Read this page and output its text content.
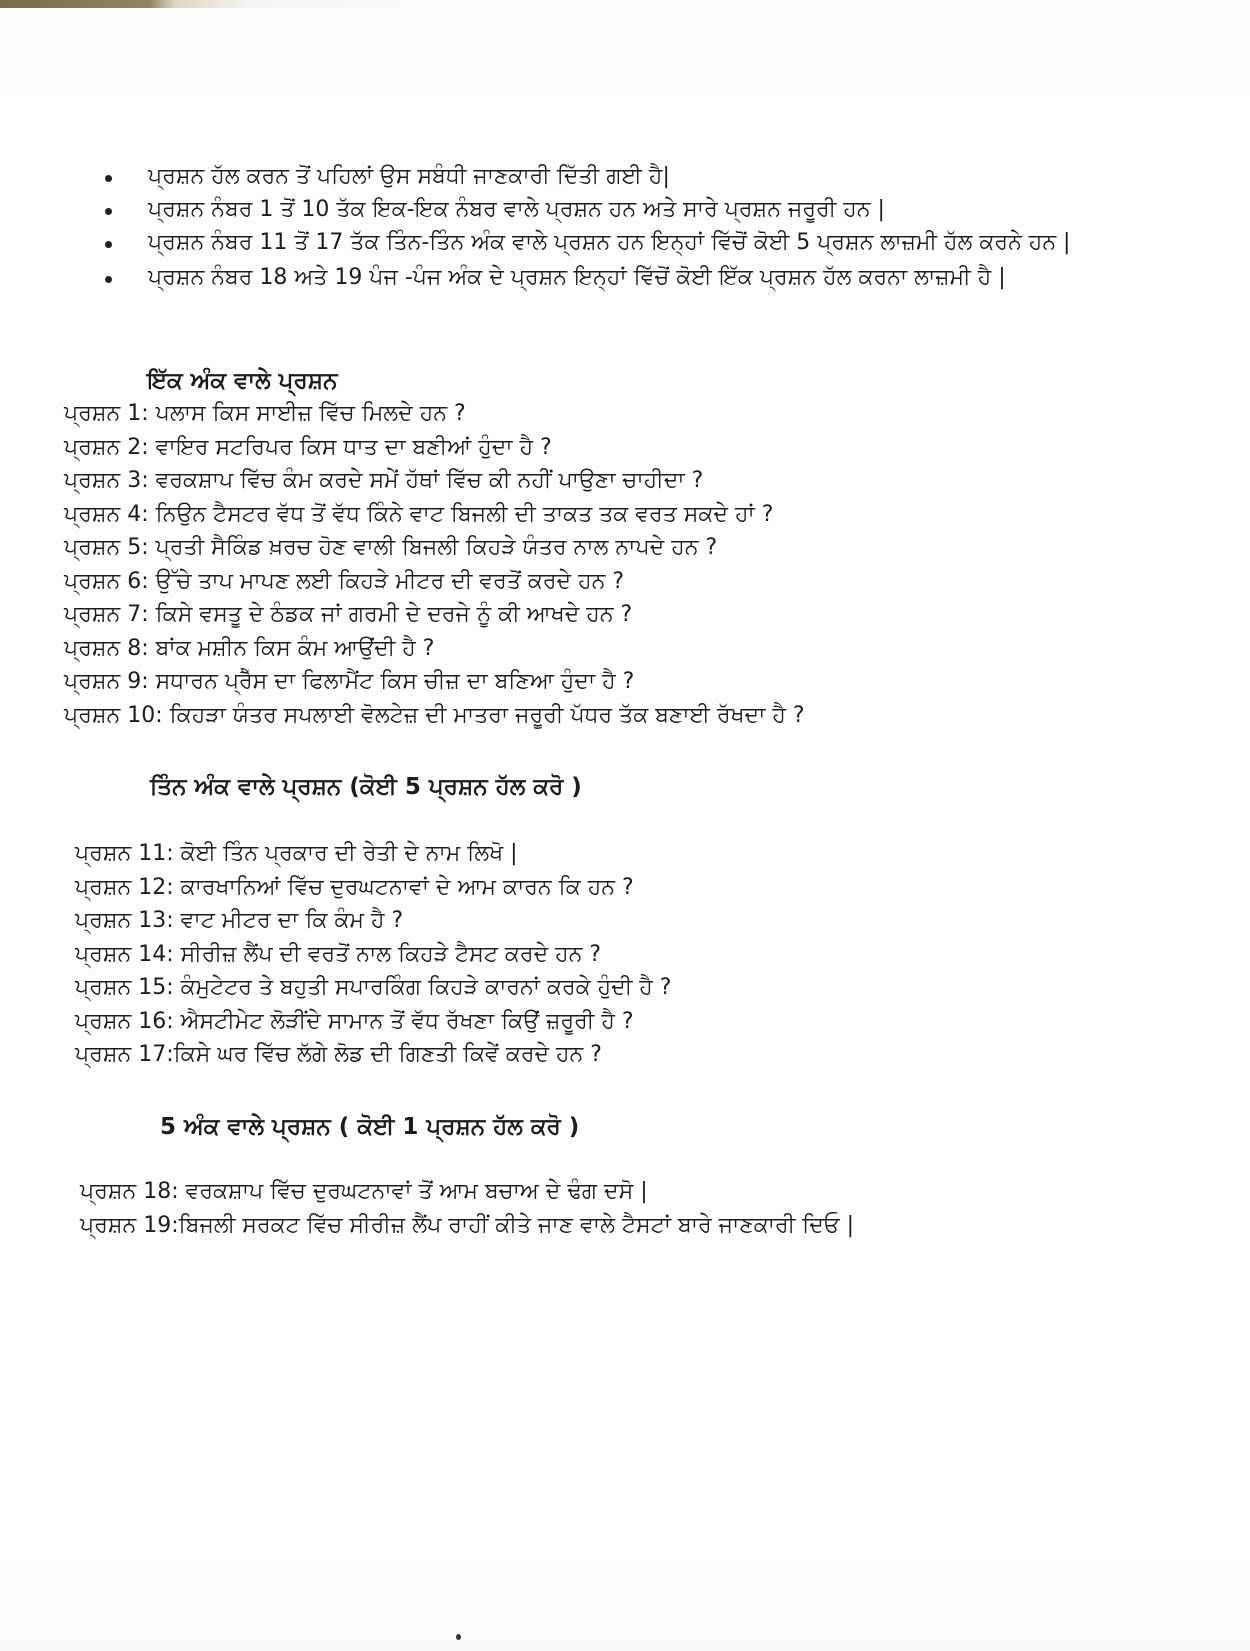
ਪ੍ਰਸ਼ਨ ਹੱਲ ਕਰਨ ਤੋਂ ਪਹਿਲਾਂ ਉਸ ਸਬੰਧੀ ਜਾਣਕਾਰੀ ਦਿੱਤੀ ਗਈ ਹੈ|
ਪ੍ਰਸ਼ਨ ਨੰਬਰ 1 ਤੋਂ 10 ਤੱਕ ਇਕ-ਇਕ ਨੰਬਰ ਵਾਲੇ ਪ੍ਰਸ਼ਨ ਹਨ ਅਤੇ ਸਾਰੇ ਪ੍ਰਸ਼ਨ ਜਰੂਰੀ ਹਨ |
ਪ੍ਰਸ਼ਨ ਨੰਬਰ 11 ਤੋਂ 17 ਤੱਕ ਤਿੰਨ-ਤਿੰਨ ਅੰਕ ਵਾਲੇ ਪ੍ਰਸ਼ਨ ਹਨ ਇਨ੍ਹਾਂ ਵਿੱਚੋਂ ਕੋਈ 5 ਪ੍ਰਸ਼ਨ ਲਾਜ਼ਮੀ ਹੱਲ ਕਰਨੇ ਹਨ |
ਪ੍ਰਸ਼ਨ ਨੰਬਰ 18 ਅਤੇ 19 ਪੰਜ -ਪੰਜ ਅੰਕ ਦੇ ਪ੍ਰਸ਼ਨ ਇਨ੍ਹਾਂ ਵਿੱਚੋਂ ਕੋਈ ਇੱਕ ਪ੍ਰਸ਼ਨ ਹੱਲ ਕਰਨਾ ਲਾਜ਼ਮੀ ਹੈ |
ਇੱਕ ਅੰਕ ਵਾਲੇ ਪ੍ਰਸ਼ਨ
ਪ੍ਰਸ਼ਨ 1: ਪਲਾਸ ਕਿਸ ਸਾਈਜ਼ ਵਿੱਚ ਮਿਲਦੇ ਹਨ ?
ਪ੍ਰਸ਼ਨ 2: ਵਾਇਰ ਸਟਰਿਪਰ ਕਿਸ ਧਾਤ ਦਾ ਬਣੀਆਂ ਹੁੰਦਾ ਹੈ ?
ਪ੍ਰਸ਼ਨ 3: ਵਰਕਸ਼ਾਪ ਵਿੱਚ ਕੰਮ ਕਰਦੇ ਸਮੇਂ ਹੱਥਾਂ ਵਿੱਚ ਕੀ ਨਹੀਂ ਪਾਉਣਾ ਚਾਹੀਦਾ ?
ਪ੍ਰਸ਼ਨ 4: ਨਿਉਨ ਟੈਸਟਰ ਵੱਧ ਤੋਂ ਵੱਧ ਕਿੰਨੇ ਵਾਟ ਬਿਜਲੀ ਦੀ ਤਾਕਤ ਤਕ ਵਰਤ ਸਕਦੇ ਹਾਂ ?
ਪ੍ਰਸ਼ਨ 5: ਪ੍ਰਤੀ ਸੈਕਿੰਡ ਖ਼ਰਚ ਹੋਣ ਵਾਲੀ ਬਿਜਲੀ ਕਿਹੜੇ ਯੰਤਰ ਨਾਲ ਨਾਪਦੇ ਹਨ ?
ਪ੍ਰਸ਼ਨ 6: ਉੱਚੇ ਤਾਪ ਮਾਪਣ ਲਈ ਕਿਹੜੇ ਮੀਟਰ ਦੀ ਵਰਤੋਂ ਕਰਦੇ ਹਨ ?
ਪ੍ਰਸ਼ਨ 7: ਕਿਸੇ ਵਸਤੂ ਦੇ ਠੰਡਕ ਜਾਂ ਗਰਮੀ ਦੇ ਦਰਜੇ ਨੂੰ ਕੀ ਆਖਦੇ ਹਨ ?
ਪ੍ਰਸ਼ਨ 8: ਬਾਂਕ ਮਸ਼ੀਨ ਕਿਸ ਕੰਮ ਆਉਂਦੀ ਹੈ ?
ਪ੍ਰਸ਼ਨ 9: ਸਧਾਰਨ ਪ੍ਰੈੱਸ ਦਾ ਫਿਲਾਮੈਂਟ ਕਿਸ ਚੀਜ਼ ਦਾ ਬਣਿਆ ਹੁੰਦਾ ਹੈ ?
ਪ੍ਰਸ਼ਨ 10: ਕਿਹੜਾ ਯੰਤਰ ਸਪਲਾਈ ਵੋਲਟੇਜ਼ ਦੀ ਮਾਤਰਾ ਜਰੂਰੀ ਪੱਧਰ ਤੱਕ ਬਣਾਈ ਰੱਖਦਾ ਹੈ ?
ਤਿੰਨ ਅੰਕ ਵਾਲੇ ਪ੍ਰਸ਼ਨ (ਕੋਈ 5 ਪ੍ਰਸ਼ਨ ਹੱਲ ਕਰੋ )
ਪ੍ਰਸ਼ਨ 11: ਕੋਈ ਤਿੰਨ ਪ੍ਰਕਾਰ ਦੀ ਰੇਤੀ ਦੇ ਨਾਮ ਲਿਖੋ |
ਪ੍ਰਸ਼ਨ 12: ਕਾਰਖਾਨਿਆਂ ਵਿੱਚ ਦੁਰਘਟਨਾਵਾਂ ਦੇ ਆਮ ਕਾਰਨ ਕਿ ਹਨ ?
ਪ੍ਰਸ਼ਨ 13: ਵਾਟ ਮੀਟਰ ਦਾ ਕਿ ਕੰਮ ਹੈ ?
ਪ੍ਰਸ਼ਨ 14: ਸੀਰੀਜ਼ ਲੈਂਪ ਦੀ ਵਰਤੋਂ ਨਾਲ ਕਿਹੜੇ ਟੈਸਟ ਕਰਦੇ ਹਨ ?
ਪ੍ਰਸ਼ਨ 15: ਕੰਮੁਟੇਟਰ ਤੇ ਬਹੁਤੀ ਸਪਾਰਕਿੰਗ ਕਿਹੜੇ ਕਾਰਨਾਂ ਕਰਕੇ ਹੁੰਦੀ ਹੈ ?
ਪ੍ਰਸ਼ਨ 16: ਐਸਟੀਮੇਟ ਲੋੜੀਂਦੇ ਸਾਮਾਨ ਤੋਂ ਵੱਧ ਰੱਖਣਾ ਕਿਉਂ ਜ਼ਰੂਰੀ ਹੈ ?
ਪ੍ਰਸ਼ਨ 17:ਕਿਸੇ ਘਰ ਵਿੱਚ ਲੱਗੇ ਲੋਡ ਦੀ ਗਿਣਤੀ ਕਿਵੇਂ ਕਰਦੇ ਹਨ ?
5 ਅੰਕ ਵਾਲੇ ਪ੍ਰਸ਼ਨ ( ਕੋਈ 1 ਪ੍ਰਸ਼ਨ ਹੱਲ ਕਰੋ )
ਪ੍ਰਸ਼ਨ 18: ਵਰਕਸ਼ਾਪ ਵਿੱਚ ਦੁਰਘਟਨਾਵਾਂ ਤੋਂ ਆਮ ਬਚਾਅ ਦੇ ਢੰਗ ਦਸੋ |
ਪ੍ਰਸ਼ਨ 19:ਬਿਜਲੀ ਸਰਕਟ ਵਿੱਚ ਸੀਰੀਜ਼ ਲੈਂਪ ਰਾਹੀਂ ਕੀਤੇ ਜਾਣ ਵਾਲੇ ਟੈਸਟਾਂ ਬਾਰੇ ਜਾਣਕਾਰੀ ਦਿਓ |
